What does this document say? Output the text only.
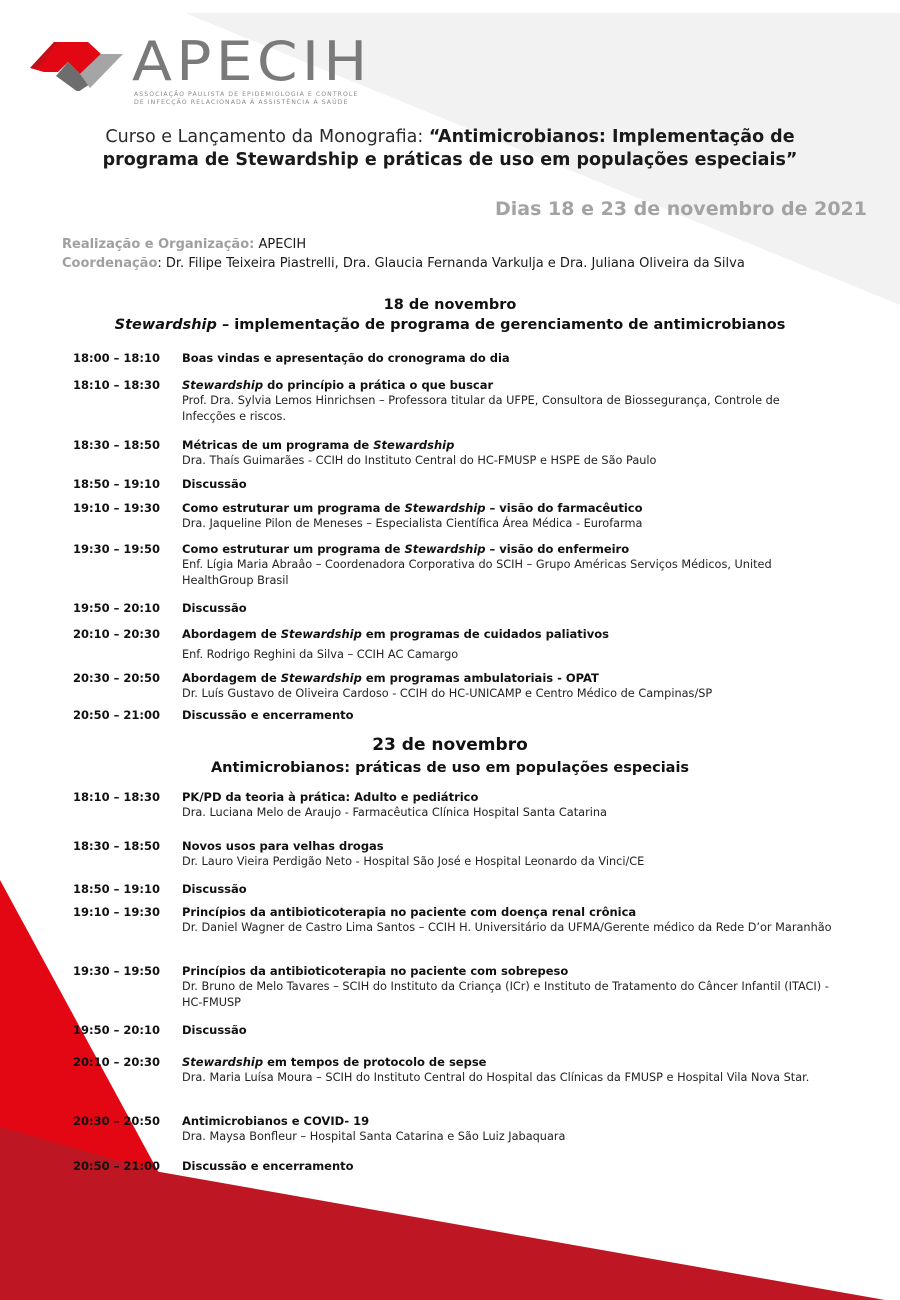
APECIH
ASSOCIAÇÃO PAULISTA DE EPIDEMIOLOGIA E CONTROLE
DE INFECÇÃO RELACIONADA À ASSISTÊNCIA À SAÚDE
Curso e Lançamento da Monografia: “Antimicrobianos: Implementação de
programa de Stewardship e práticas de uso em populações especiais”
Dias 18 e 23 de novembro de 2021
Realização e Organização: APECIH
Coordenação: Dr. Filipe Teixeira Piastrelli, Dra. Glaucia Fernanda Varkulja e Dra. Juliana Oliveira da Silva
18 de novembro
Stewardship – implementação de programa de gerenciamento de antimicrobianos
18:00 – 18:10	Boas vindas e apresentação do cronograma do dia
18:10 – 18:30	Stewardship do princípio a prática o que buscar
Prof. Dra. Sylvia Lemos Hinrichsen – Professora titular da UFPE, Consultora de Biossegurança, Controle de Infecções e riscos.
18:30 – 18:50	Métricas de um programa de Stewardship
Dra. Thaís Guimarães - CCIH do Instituto Central do HC-FMUSP e HSPE de São Paulo
18:50 – 19:10	Discussão
19:10 – 19:30	Como estruturar um programa de Stewardship – visão do farmacêutico
Dra. Jaqueline Pilon de Meneses – Especialista Científica Área Médica - Eurofarma
19:30 – 19:50	Como estruturar um programa de Stewardship – visão do enfermeiro
Enf. Lígia Maria Abraâo – Coordenadora Corporativa do SCIH – Grupo Américas Serviços Médicos, United HealthGroup Brasil
19:50 – 20:10	Discussão
20:10 – 20:30	Abordagem de Stewardship em programas de cuidados paliativos
Enf. Rodrigo Reghini da Silva – CCIH AC Camargo
20:30 – 20:50	Abordagem de Stewardship em programas ambulatoriais - OPAT
Dr. Luís Gustavo de Oliveira Cardoso - CCIH do HC-UNICAMP e Centro Médico de Campinas/SP
20:50 – 21:00	Discussão e encerramento
23 de novembro
Antimicrobianos: práticas de uso em populações especiais
18:10 – 18:30	PK/PD da teoria à prática: Adulto e pediátrico
Dra. Luciana Melo de Araujo - Farmacêutica Clínica Hospital Santa Catarina
18:30 – 18:50	Novos usos para velhas drogas
Dr. Lauro Vieira Perdigão Neto - Hospital São José e Hospital Leonardo da Vinci/CE
18:50 – 19:10	Discussão
19:10 – 19:30	Princípios da antibioticoterapia no paciente com doença renal crônica
Dr. Daniel Wagner de Castro Lima Santos – CCIH H. Universitário da UFMA/Gerente médico da Rede D’or Maranhão
19:30 – 19:50	Princípios da antibioticoterapia no paciente com sobrepeso
Dr. Bruno de Melo Tavares – SCIH do Instituto da Criança (ICr) e Instituto de Tratamento do Câncer Infantil (ITACI) - HC-FMUSP
19:50 – 20:10	Discussão
20:10 – 20:30	Stewardship em tempos de protocolo de sepse
Dra. Maria Luísa Moura – SCIH do Instituto Central do Hospital das Clínicas da FMUSP e Hospital Vila Nova Star.
20:30 – 20:50	Antimicrobianos e COVID- 19
Dra. Maysa Bonfleur – Hospital Santa Catarina e São Luiz Jabaquara
20:50 – 21:00	Discussão e encerramento
